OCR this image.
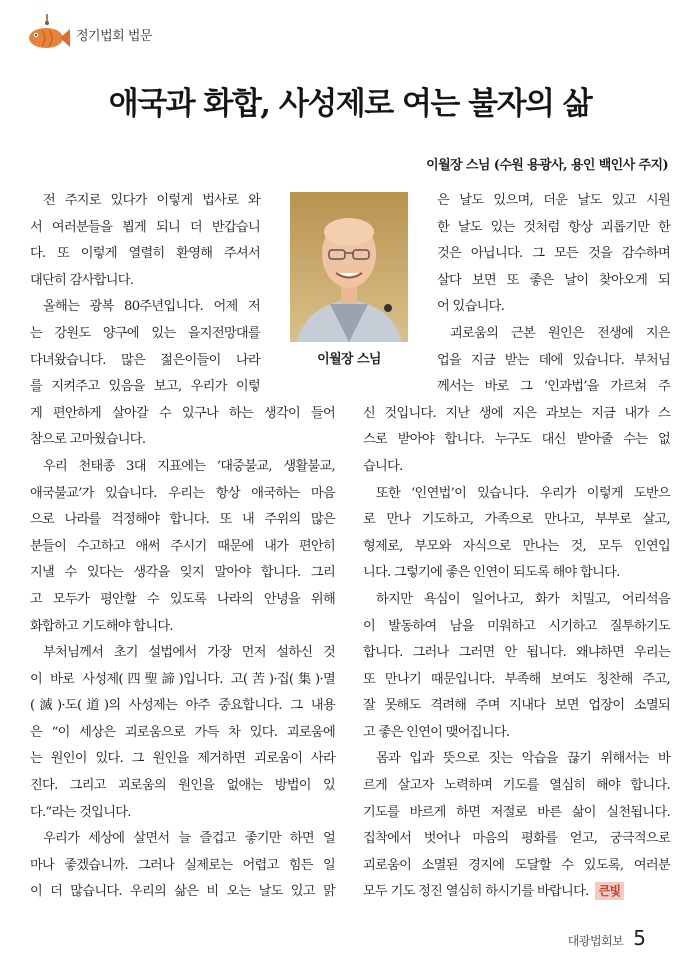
정기법회 법문
애국과 화합, 사성제로 여는 불자의 삶
이월장 스님 (수원 용광사, 용인 백인사 주지)
이월장 스님

전 주지로 있다가 이렇게 법사로 와
서 여러분들을 뵙게 되니 더 반갑습니
다. 또 이렇게 열렬히 환영해 주셔서
대단히 감사합니다.

올해는 광복 80주년입니다. 어제 저
는 강원도 양구에 있는 을지전망대를
다녀왔습니다. 많은 젊은이들이 나라
를 지켜주고 있음을 보고, 우리가 이렇
게 편안하게 살아갈 수 있구나 하는 생각이 들어
참으로 고마웠습니다.

우리 천태종 3대 지표에는 ‘대중불교, 생활불교,
애국불교’가 있습니다. 우리는 항상 애국하는 마음
으로 나라를 걱정해야 합니다. 또 내 주위의 많은
분들이 수고하고 애써 주시기 때문에 내가 편안히
지낼 수 있다는 생각을 잊지 말아야 합니다. 그리
고 모두가 평안할 수 있도록 나라의 안녕을 위해
화합하고 기도해야 합니다.

부처님께서 초기 설법에서 가장 먼저 설하신 것
이 바로 사성제(四聖諦)입니다. 고(苦)·집(集)·멸
(滅)·도(道)의 사성제는 아주 중요합니다. 그 내용
은 “이 세상은 괴로움으로 가득 차 있다. 괴로움에
는 원인이 있다. 그 원인을 제거하면 괴로움이 사라
진다. 그리고 괴로움의 원인을 없애는 방법이 있
다.”라는 것입니다.

우리가 세상에 살면서 늘 즐겁고 좋기만 하면 얼
마나 좋겠습니까. 그러나 실제로는 어렵고 힘든 일
이 더 많습니다. 우리의 삶은 비 오는 날도 있고 맑

은 날도 있으며, 더운 날도 있고 시원
한 날도 있는 것처럼 항상 괴롭기만 한
것은 아닙니다. 그 모든 것을 감수하며
살다 보면 또 좋은 날이 찾아오게 되
어 있습니다.

괴로움의 근본 원인은 전생에 지은
업을 지금 받는 데에 있습니다. 부처님
께서는 바로 그 ‘인과법’을 가르쳐 주
신 것입니다. 지난 생에 지은 과보는 지금 내가 스
스로 받아야 합니다. 누구도 대신 받아줄 수는 없
습니다.

또한 ‘인연법’이 있습니다. 우리가 이렇게 도반으
로 만나 기도하고, 가족으로 만나고, 부부로 살고,
형제로, 부모와 자식으로 만나는 것, 모두 인연입
니다. 그렇기에 좋은 인연이 되도록 해야 합니다.

하지만 욕심이 일어나고, 화가 치밀고, 어리석음
이 발동하여 남을 미워하고 시기하고 질투하기도
합니다. 그러나 그러면 안 됩니다. 왜냐하면 우리는
또 만나기 때문입니다. 부족해 보여도 칭찬해 주고,
잘 못해도 격려해 주며 지내다 보면 업장이 소멸되
고 좋은 인연이 맺어집니다.

몸과 입과 뜻으로 짓는 악습을 끊기 위해서는 바
르게 살고자 노력하며 기도를 열심히 해야 합니다.
기도를 바르게 하면 저절로 바른 삶이 실천됩니다.
집착에서 벗어나 마음의 평화를 얻고, 궁극적으로
괴로움이 소멸된 경지에 도달할 수 있도록, 여러분
모두 기도 정진 열심히 하시기를 바랍니다. 큰빛

대광법회보 5
